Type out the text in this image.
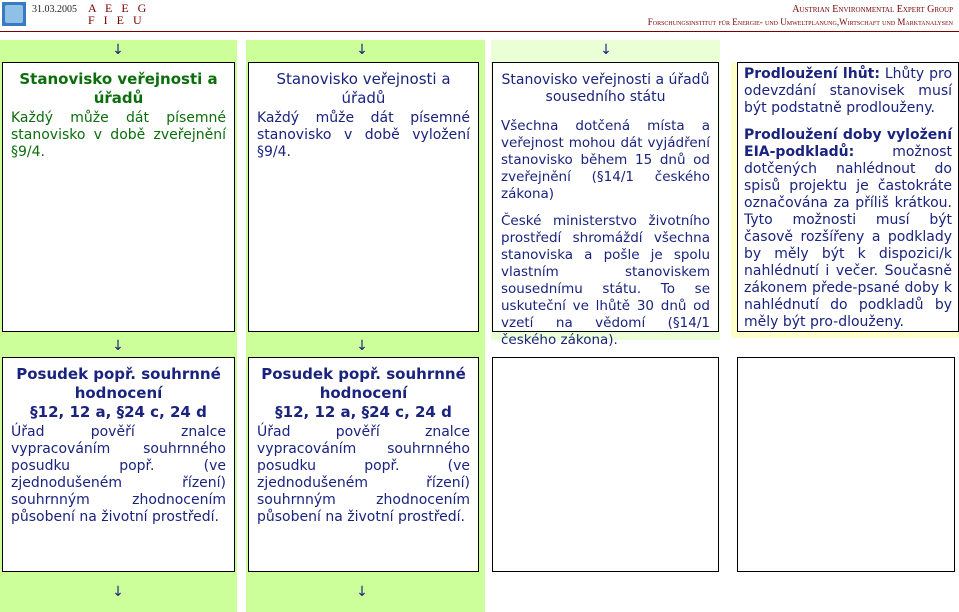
31.03.2005 A E E G
F I E U
Austrian Environmental Expert Group
Forschungsinstitut für Energie- und Umweltplanung,Wirtschaft und Marktanalysen
↓	↓	↓
Stanovisko veřejnosti a úřadů
Každý může dát písemné stanovisko v době zveřejnění §9/4.
Stanovisko veřejnosti a úřadů
Každý může dát písemné stanovisko v době vyložení §9/4.
Stanovisko veřejnosti a úřadů sousedního státu
Všechna dotčená místa a veřejnost mohou dát vyjádření stanovisko během 15 dnů od zveřejnění (§14/1 českého zákona)
České ministerstvo životního prostředí shromáždí všechna stanoviska a pošle je spolu vlastním stanoviskem sousednímu státu. To se uskuteční ve lhůtě 30 dnů od vzetí na vědomí (§14/1 českého zákona).
Prodloužení lhůt: Lhůty pro odevzdání stanovisek musí být podstatně prodlouženy.
Prodloužení doby vyložení EIA-podkladů: možnost dotčených nahlédnout do spisů projektu je častokráte označována za příliš krátkou. Tyto možnosti musí být časově rozšířeny a podklady by měly být k dispozici/k nahlédnutí i večer. Současně zákonem přede-psané doby k nahlédnutí do podkladů by měly být pro-dlouženy.
↓	↓
Posudek popř. souhrnné hodnocení
§12, 12 a, §24 c, 24 d
Úřad pověří znalce vypracováním souhrnného posudku popř. (ve zjednodušeném řízení) souhrnným zhodnocením působení na životní prostředí.
Posudek popř. souhrnné hodnocení
§12, 12 a, §24 c, 24 d
Úřad pověří znalce vypracováním souhrnného posudku popř. (ve zjednodušeném řízení) souhrnným zhodnocením působení na životní prostředí.
↓	↓
